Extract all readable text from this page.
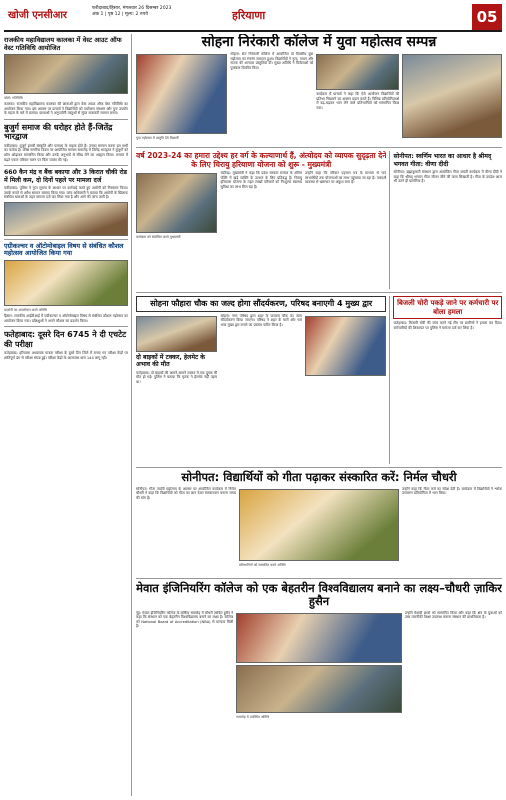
खोजी एनसीआर
फरीदाबाद/हिसार, मंगलवार 26 दिसम्बर 2023
अंक 1 | पृष्ठ 12 | मूल्य: 2 रुपये	हरियाणा	05
राजकीय महाविद्यालय कालका में वेस्ट आउट ऑफ वेस्ट गतिविधि आयोजित
फोटो: गतिविधि
कालका: राजकीय महाविद्यालय कालका की छात्राओं द्वारा वेस्ट आउट ऑफ वेस्ट गतिविधि का आयोजन किया गया। इस अवसर पर प्राचार्य ने विद्यार्थियों को पर्यावरण संरक्षण और पुनः उपयोग के महत्व के बारे में बताया। छात्राओं ने अनुपयोगी वस्तुओं से सुंदर सजावटी सामान बनाए।
बुजुर्ग समाज की धरोहर होते हैं-जितेंद्र भारद्वाज
फरीदाबाद: बुजुर्ग हमारी संस्कृति और परम्परा के वाहक होते हैं। उनका सम्मान करना हम सभी का कर्तव्य है। वरिष्ठ नागरिक दिवस पर आयोजित सम्मान समारोह में जितेंद्र भारद्वाज ने बुजुर्गों को शॉल ओढ़ाकर सम्मानित किया और उनके अनुभवों से सीख लेने का आह्वान किया। समाज में बढ़ते एकल परिवार चलन पर चिंता व्यक्त की गई।
660 कैन मंद्र व बैंक बकाया और 3 किरात चौकी रोड में मिली कम, दो दिनों पहले पर मामला दर्ज
फरीदाबाद: पुलिस ने गुप्त सूचना के आधार पर कार्रवाई करते हुए आरोपी को गिरफ्तार किया। उसके कब्जे से अवैध सामान बरामद किया गया। जांच अधिकारी ने बताया कि आरोपी के खिलाफ संबंधित धाराओं के तहत मामला दर्ज कर लिया गया है और आगे की जांच जारी है।
एग्रीकल्चर व ऑटोमोबाइल विषय से संबंधित कौशल महोत्सव आयोजित किया गया
प्रदर्शनी का अवलोकन करते अतिथि
हिसार: राजकीय आईटीआई में एग्रीकल्चर व ऑटोमोबाइल विषय से संबंधित कौशल महोत्सव का आयोजन किया गया। प्रशिक्षुओं ने अपने कौशल का प्रदर्शन किया।
फतेहाबाद: दूसरे दिन 6745 ने दी एचटेट की परीक्षा
फतेहाबाद: हरियाणा अध्यापक पात्रता परीक्षा के दूसरे दिन जिले में बनाए गए परीक्षा केंद्रों पर शांतिपूर्ण ढंग से परीक्षा संपन्न हुई। परीक्षा केंद्रों के आसपास धारा 144 लागू रही।
सोहना निरंकारी कॉलेज में युवा महोत्सव सम्पन्न
युवा महोत्सव में प्रस्तुति देते विद्यार्थी
सोहना: संत निरंकारी कॉलेज में आयोजित दो दिवसीय युवा महोत्सव का रंगारंग समापन हुआ। विद्यार्थियों ने नृत्य, गायन और नाटक की शानदार प्रस्तुतियां दीं। मुख्य अतिथि ने विजेताओं को पुरस्कार वितरित किए।
कार्यक्रम में प्राचार्य ने कहा कि ऐसे आयोजन विद्यार्थियों की प्रतिभा निखारने का अवसर प्रदान करते हैं। विभिन्न प्रतियोगिताओं में बढ़-चढ़कर भाग लेने वाले प्रतिभागियों को सम्मानित किया गया।
वर्ष 2023-24 का हमारा उद्देश्य हर वर्ग के कल्याणार्थ हैं, अंत्योदय को व्यापक सुदृढ़ता देने के लिए चिरायु हरियाणा योजना को शुरू - मुख्यमंत्री
कार्यक्रम को संबोधित करते मुख्यमंत्री
चंडीगढ़: मुख्यमंत्री ने कहा कि प्रदेश सरकार समाज के अंतिम पंक्ति में खड़े व्यक्ति के उत्थान के लिए प्रतिबद्ध है। चिरायु हरियाणा योजना के तहत लाखों परिवारों को निःशुल्क स्वास्थ्य सुविधा का लाभ मिल रहा है।
उन्होंने कहा कि परिवार पहचान पत्र के माध्यम से पात्र लाभार्थियों तक योजनाओं का लाभ पहुंचाया जा रहा है। पारदर्शी व्यवस्था से भ्रष्टाचार पर अंकुश लगा है।
सोनीपत: स्वर्णिम भारत का आधार है श्रीमद् भगवत गीता: वीणा दीदी
सोनीपत: ब्रह्माकुमारी संस्थान द्वारा आयोजित गीता जयंती कार्यक्रम में वीणा दीदी ने कहा कि श्रीमद् भगवत गीता जीवन जीने की कला सिखाती है। गीता के उपदेश आज भी उतने ही प्रासंगिक हैं।
सोहना फौहारा चौक का जल्द होगा सौंदर्यकरण, परिषद बनाएगी 4 मुख्य द्वार
दो बाइकों में टक्कर, हेलमेट के अभाव की मौत
फतेहाबाद: दो बाइकों की आमने-सामने टक्कर में एक युवक की मौत हो गई। पुलिस ने बताया कि मृतक ने हेलमेट नहीं पहना था।
सोहना: नगर परिषद द्वारा शहर के फव्वारा चौक का जल्द सौंदर्यकरण किया जाएगा। परिषद ने शहर के चारों ओर चार भव्य मुख्य द्वार बनाने का प्रस्ताव पारित किया है।
बिजली चोरी पकड़े जाने पर कर्मचारी पर बोला हमला
फतेहाबाद: बिजली चोरी की जांच करने गई टीम पर ग्रामीणों ने हमला कर दिया। कर्मचारियों की शिकायत पर पुलिस ने मामला दर्ज कर लिया है।
सोनीपत: विद्यार्थियों को गीता पढ़ाकर संस्कारित करें: निर्मल चौधरी
सोनीपत: गीता जयंती महोत्सव के अवसर पर आयोजित कार्यक्रम में निर्मल चौधरी ने कहा कि विद्यार्थियों को गीता का ज्ञान देकर संस्कारवान बनाना समय की मांग है।
प्रतिभागियों को सम्मानित करते अतिथि
उन्होंने कहा कि गीता कर्म का संदेश देती है। कार्यक्रम में विद्यार्थियों ने श्लोक उच्चारण प्रतियोगिता में भाग लिया।
मेवात इंजिनियरिंग कॉलेज को एक बेहतरीन विश्वविद्यालय बनाने का लक्ष्य–चौधरी ज़ाकिर हुसैन
नूंह: मेवात इंजिनियरिंग कॉलेज के वार्षिक समारोह में चौधरी ज़ाकिर हुसैन ने कहा कि संस्थान को एक बेहतरीन विश्वविद्यालय बनाने का लक्ष्य है। कॉलेज को National Board of Accreditation (NBA) से मान्यता मिली है।
समारोह में उपस्थित अतिथि
उन्होंने मेधावी छात्रों को सम्मानित किया और कहा कि क्षेत्र के युवाओं को उच्च तकनीकी शिक्षा उपलब्ध कराना संस्थान की प्राथमिकता है।
